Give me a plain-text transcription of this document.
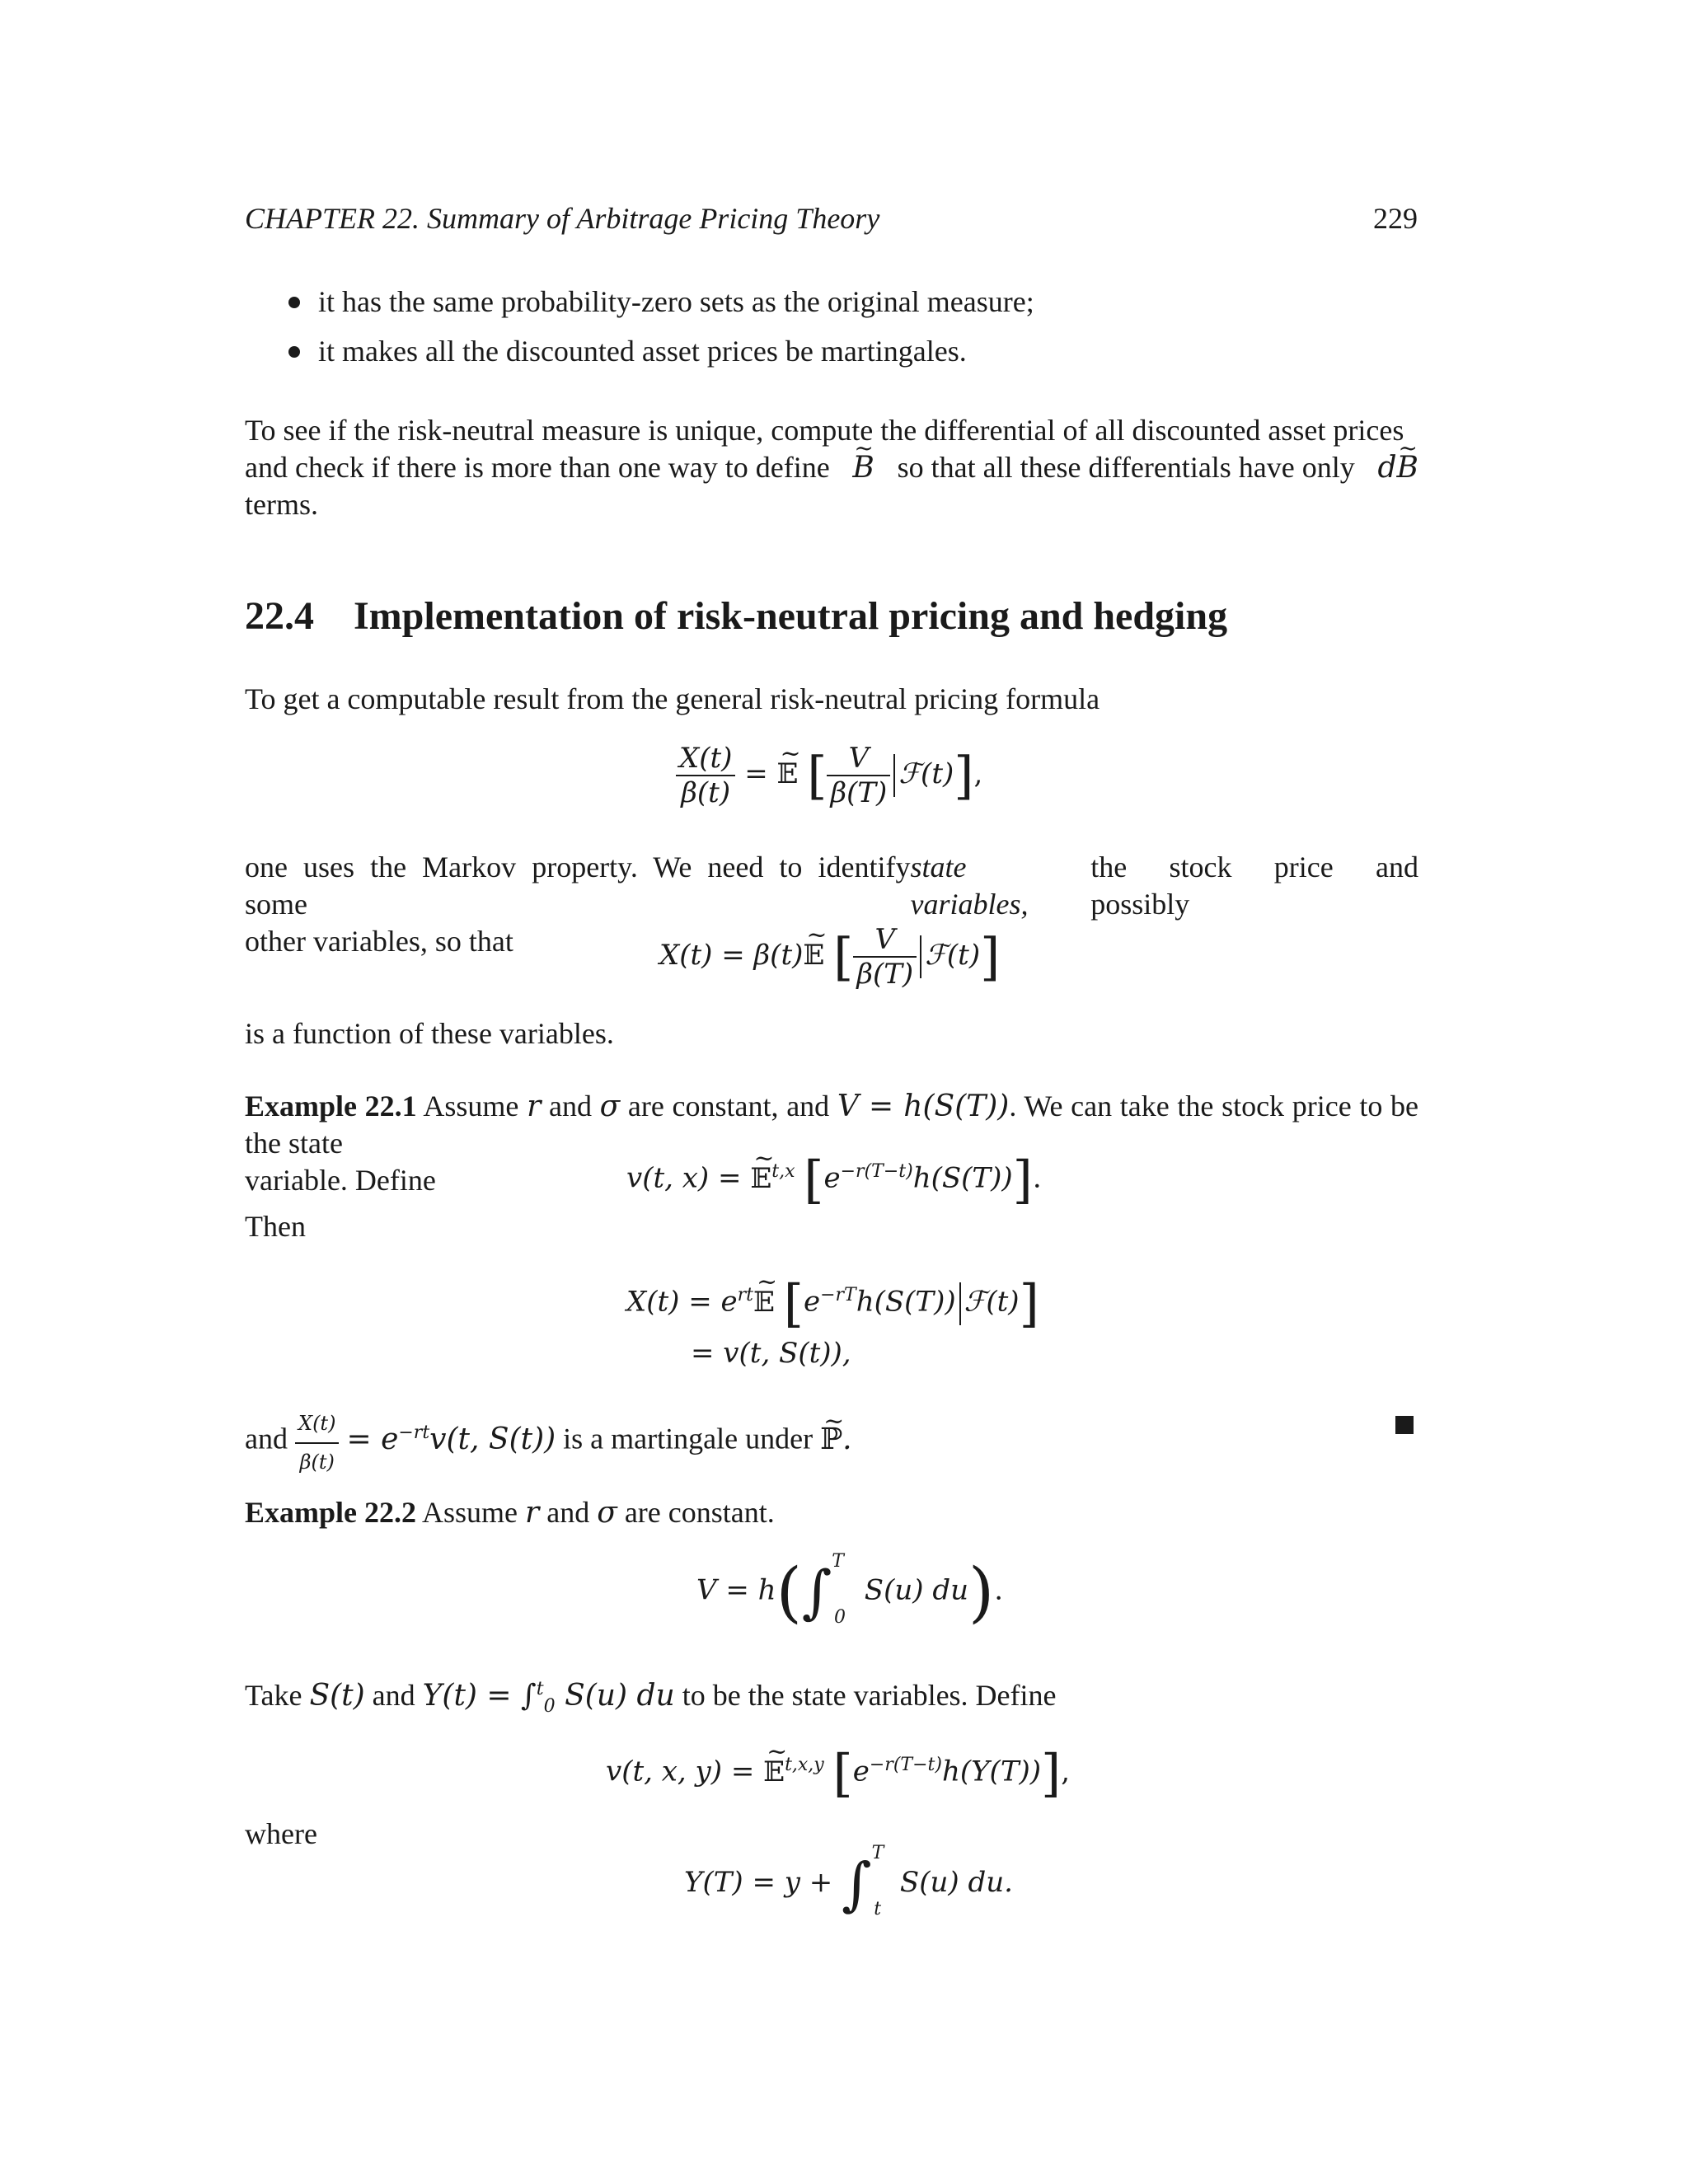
CHAPTER 22. Summary of Arbitrage Pricing Theory	229
it has the same probability-zero sets as the original measure;
it makes all the discounted asset prices be martingales.
To see if the risk-neutral measure is unique, compute the differential of all discounted asset prices
and check if there is more than one way to define ~ B so that all these differentials have only d~ B
terms.
22.4 Implementation of risk-neutral pricing and hedging
To get a computable result from the general risk-neutral pricing formula
$\frac{X(t)}{\beta(t)}$ = ~ 𝔼 [ $\frac{V}{\beta(T)}$ ℱ(t)],
one uses the Markov property. We need to identify some
state variables,
the stock price and possibly
other variables, so that	X(t) = β(t)~ 𝔼 [ $\frac{V}{\beta(T)}$ ℱ(t)]
is a function of these variables.
Example 22.1 Assume r and σ are constant, and V = h(S(T)). We can take the stock price to be the state
variable. Define	v(t, x) = ~ 𝔼$^{t,x}$ $[e^{-r(T-t)}h(S(T))]$.
Then
$X(t) = e^{rt}\sim$ 𝔼 [$e^{-rT}h(S(T))$ ℱ(t)]
= v(t, S(t)),
and $\frac{X(t)}{\beta(t)} = e^{-rt}v(t$, S(t)) is a martingale under ~ ℙ.
Example 22.2 Assume r and σ are constant.
V = h(∫$^T_0$ S(u) du).
Take S(t) and Y(t) = ∫$^t_0$ S(u) du to be the state variables. Define
v(t, x, y) = ~ 𝔼$^{t,x,y}$ $[e^{-r(T-t)}h(Y(T))]$,
where
Y(T) = y + ∫$^T_t$ S(u) du.
